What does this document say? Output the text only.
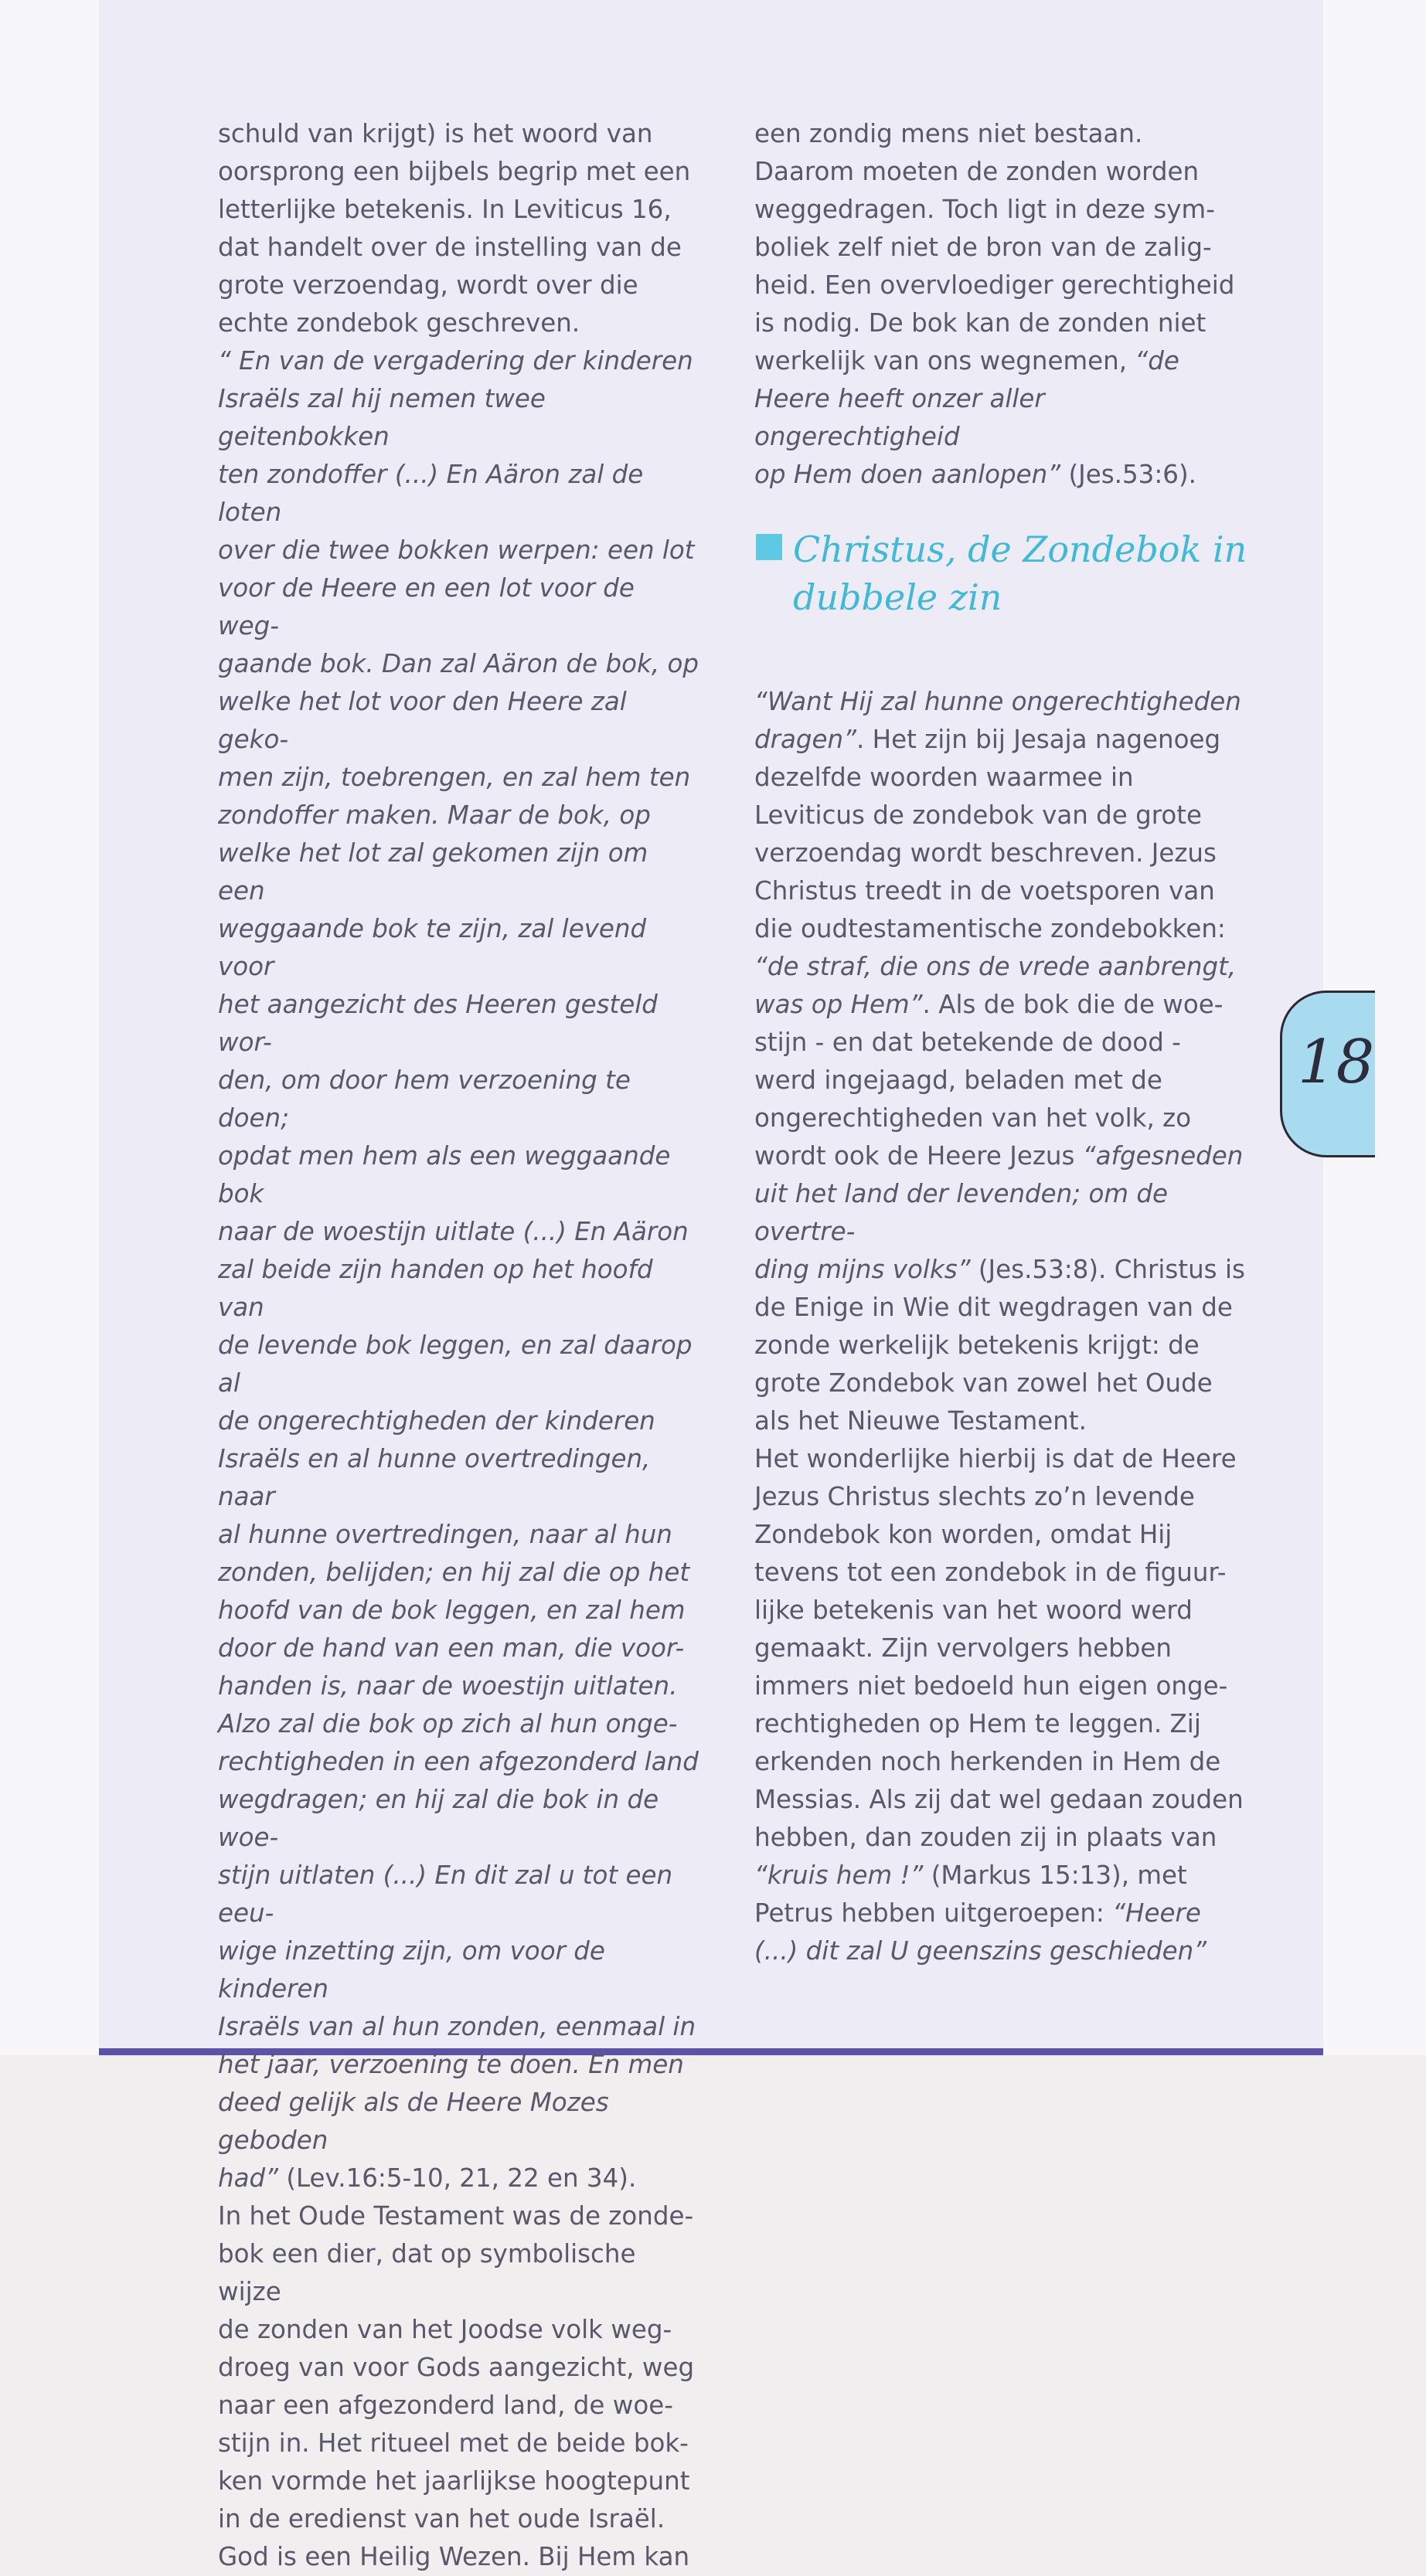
schuld van krijgt) is het woord van

oorsprong een bijbels begrip met een

letterlijke betekenis. In Leviticus 16,

dat handelt over de instelling van de

grote verzoendag, wordt over die

echte zondebok geschreven.

“ En van de vergadering der kinderen

Israëls zal hij nemen twee geitenbokken

ten zondoffer (...) En Aäron zal de loten

over die twee bokken werpen: een lot

voor de Heere en een lot voor de weg-

gaande bok. Dan zal Aäron de bok, op

welke het lot voor den Heere zal geko-

men zijn, toebrengen, en zal hem ten

zondoffer maken. Maar de bok, op

welke het lot zal gekomen zijn om een

weggaande bok te zijn, zal levend voor

het aangezicht des Heeren gesteld wor-

den, om door hem verzoening te doen;

opdat men hem als een weggaande bok

naar de woestijn uitlate (...) En Aäron

zal beide zijn handen op het hoofd van

de levende bok leggen, en zal daarop al

de ongerechtigheden der kinderen

Israëls en al hunne overtredingen, naar

al hunne overtredingen, naar al hun

zonden, belijden; en hij zal die op het

hoofd van de bok leggen, en zal hem

door de hand van een man, die voor-

handen is, naar de woestijn uitlaten.

Alzo zal die bok op zich al hun onge-

rechtigheden in een afgezonderd land

wegdragen; en hij zal die bok in de woe-

stijn uitlaten (...) En dit zal u tot een eeu-

wige inzetting zijn, om voor de kinderen

Israëls van al hun zonden, eenmaal in

het jaar, verzoening te doen. En men

deed gelijk als de Heere Mozes geboden

had” (Lev.16:5-10, 21, 22 en 34).

In het Oude Testament was de zonde-

bok een dier, dat op symbolische wijze

de zonden van het Joodse volk weg-

droeg van voor Gods aangezicht, weg

naar een afgezonderd land, de woe-

stijn in. Het ritueel met de beide bok-

ken vormde het jaarlijkse hoogtepunt

in de eredienst van het oude Israël.

God is een Heilig Wezen. Bij Hem kan

een zondig mens niet bestaan.

Daarom moeten de zonden worden

weggedragen. Toch ligt in deze sym-

boliek zelf niet de bron van de zalig-

heid. Een overvloediger gerechtigheid

is nodig. De bok kan de zonden niet

werkelijk van ons wegnemen, “de

Heere heeft onzer aller ongerechtigheid

op Hem doen aanlopen” (Jes.53:6).

Christus, de Zondebok in
dubbele zin

“Want Hij zal hunne ongerechtigheden

dragen”. Het zijn bij Jesaja nagenoeg

dezelfde woorden waarmee in

Leviticus de zondebok van de grote

verzoendag wordt beschreven. Jezus

Christus treedt in de voetsporen van

die oudtestamentische zondebokken:

“de straf, die ons de vrede aanbrengt,

was op Hem”. Als de bok die de woe-

stijn - en dat betekende de dood -

werd ingejaagd, beladen met de

ongerechtigheden van het volk, zo

wordt ook de Heere Jezus “afgesneden

uit het land der levenden; om de overtre-

ding mijns volks” (Jes.53:8). Christus is

de Enige in Wie dit wegdragen van de

zonde werkelijk betekenis krijgt: de

grote Zondebok van zowel het Oude

als het Nieuwe Testament.

Het wonderlijke hierbij is dat de Heere

Jezus Christus slechts zo’n levende

Zondebok kon worden, omdat Hij

tevens tot een zondebok in de figuur-

lijke betekenis van het woord werd

gemaakt. Zijn vervolgers hebben

immers niet bedoeld hun eigen onge-

rechtigheden op Hem te leggen. Zij

erkenden noch herkenden in Hem de

Messias. Als zij dat wel gedaan zouden

hebben, dan zouden zij in plaats van

“kruis hem !” (Markus 15:13), met

Petrus hebben uitgeroepen: “Heere

(...) dit zal U geenszins geschieden”

18
